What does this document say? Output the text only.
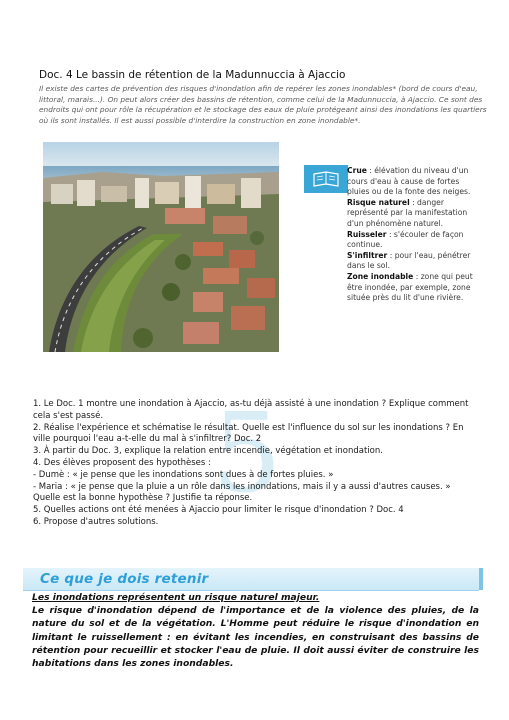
Doc. 4 Le bassin de rétention de la Madunnuccia à Ajaccio
Il existe des cartes de prévention des risques d'inondation afin de repérer les zones inondables* (bord de cours d'eau, littoral, marais...). On peut alors créer des bassins de rétention, comme celui de la Madunnuccia, à Ajaccio. Ce sont des endroits qui ont pour rôle la récupération et le stockage des eaux de pluie protégeant ainsi des inondations les quartiers où ils sont installés. Il est aussi possible d'interdire la construction en zone inondable*.

Crue : élévation du niveau d'un cours d'eau à cause de fortes pluies ou de la fonte des neiges.

Risque naturel : danger représenté par la manifestation d'un phénomène naturel.

Ruisseler : s'écouler de façon continue.

S'infiltrer : pour l'eau, pénétrer dans le sol.

Zone inondable : zone qui peut être inondée, par exemple, zone située près du lit d'une rivière.

5

1. Le Doc. 1 montre une inondation à Ajaccio, as-tu déjà assisté à une inondation ? Explique comment cela s'est passé.

2. Réalise l'expérience et schématise le résultat. Quelle est l'influence du sol sur les inondations ? En ville pourquoi l'eau a-t-elle du mal à s'infiltrer? Doc. 2

3. À partir du Doc. 3, explique la relation entre incendie, végétation et inondation.

4. Des élèves proposent des hypothèses :

- Dumè : « je pense que les inondations sont dues à de fortes pluies. »

- Maria : « je pense que la pluie a un rôle dans les inondations, mais il y a aussi d'autres causes. »

Quelle est la bonne hypothèse ? Justifie ta réponse.

5. Quelles actions ont été menées à Ajaccio pour limiter le risque d'inondation ? Doc. 4

6. Propose d'autres solutions.

Ce que je dois retenir
Les inondations représentent un risque naturel majeur.
Le risque d'inondation dépend de l'importance et de la violence des pluies, de la nature du sol et de la végétation. L'Homme peut réduire le risque d'inondation en limitant le ruissellement : en évitant les incendies, en construisant des bassins de rétention pour recueillir et stocker l'eau de pluie. Il doit aussi éviter de construire les habitations dans les zones inondables.
